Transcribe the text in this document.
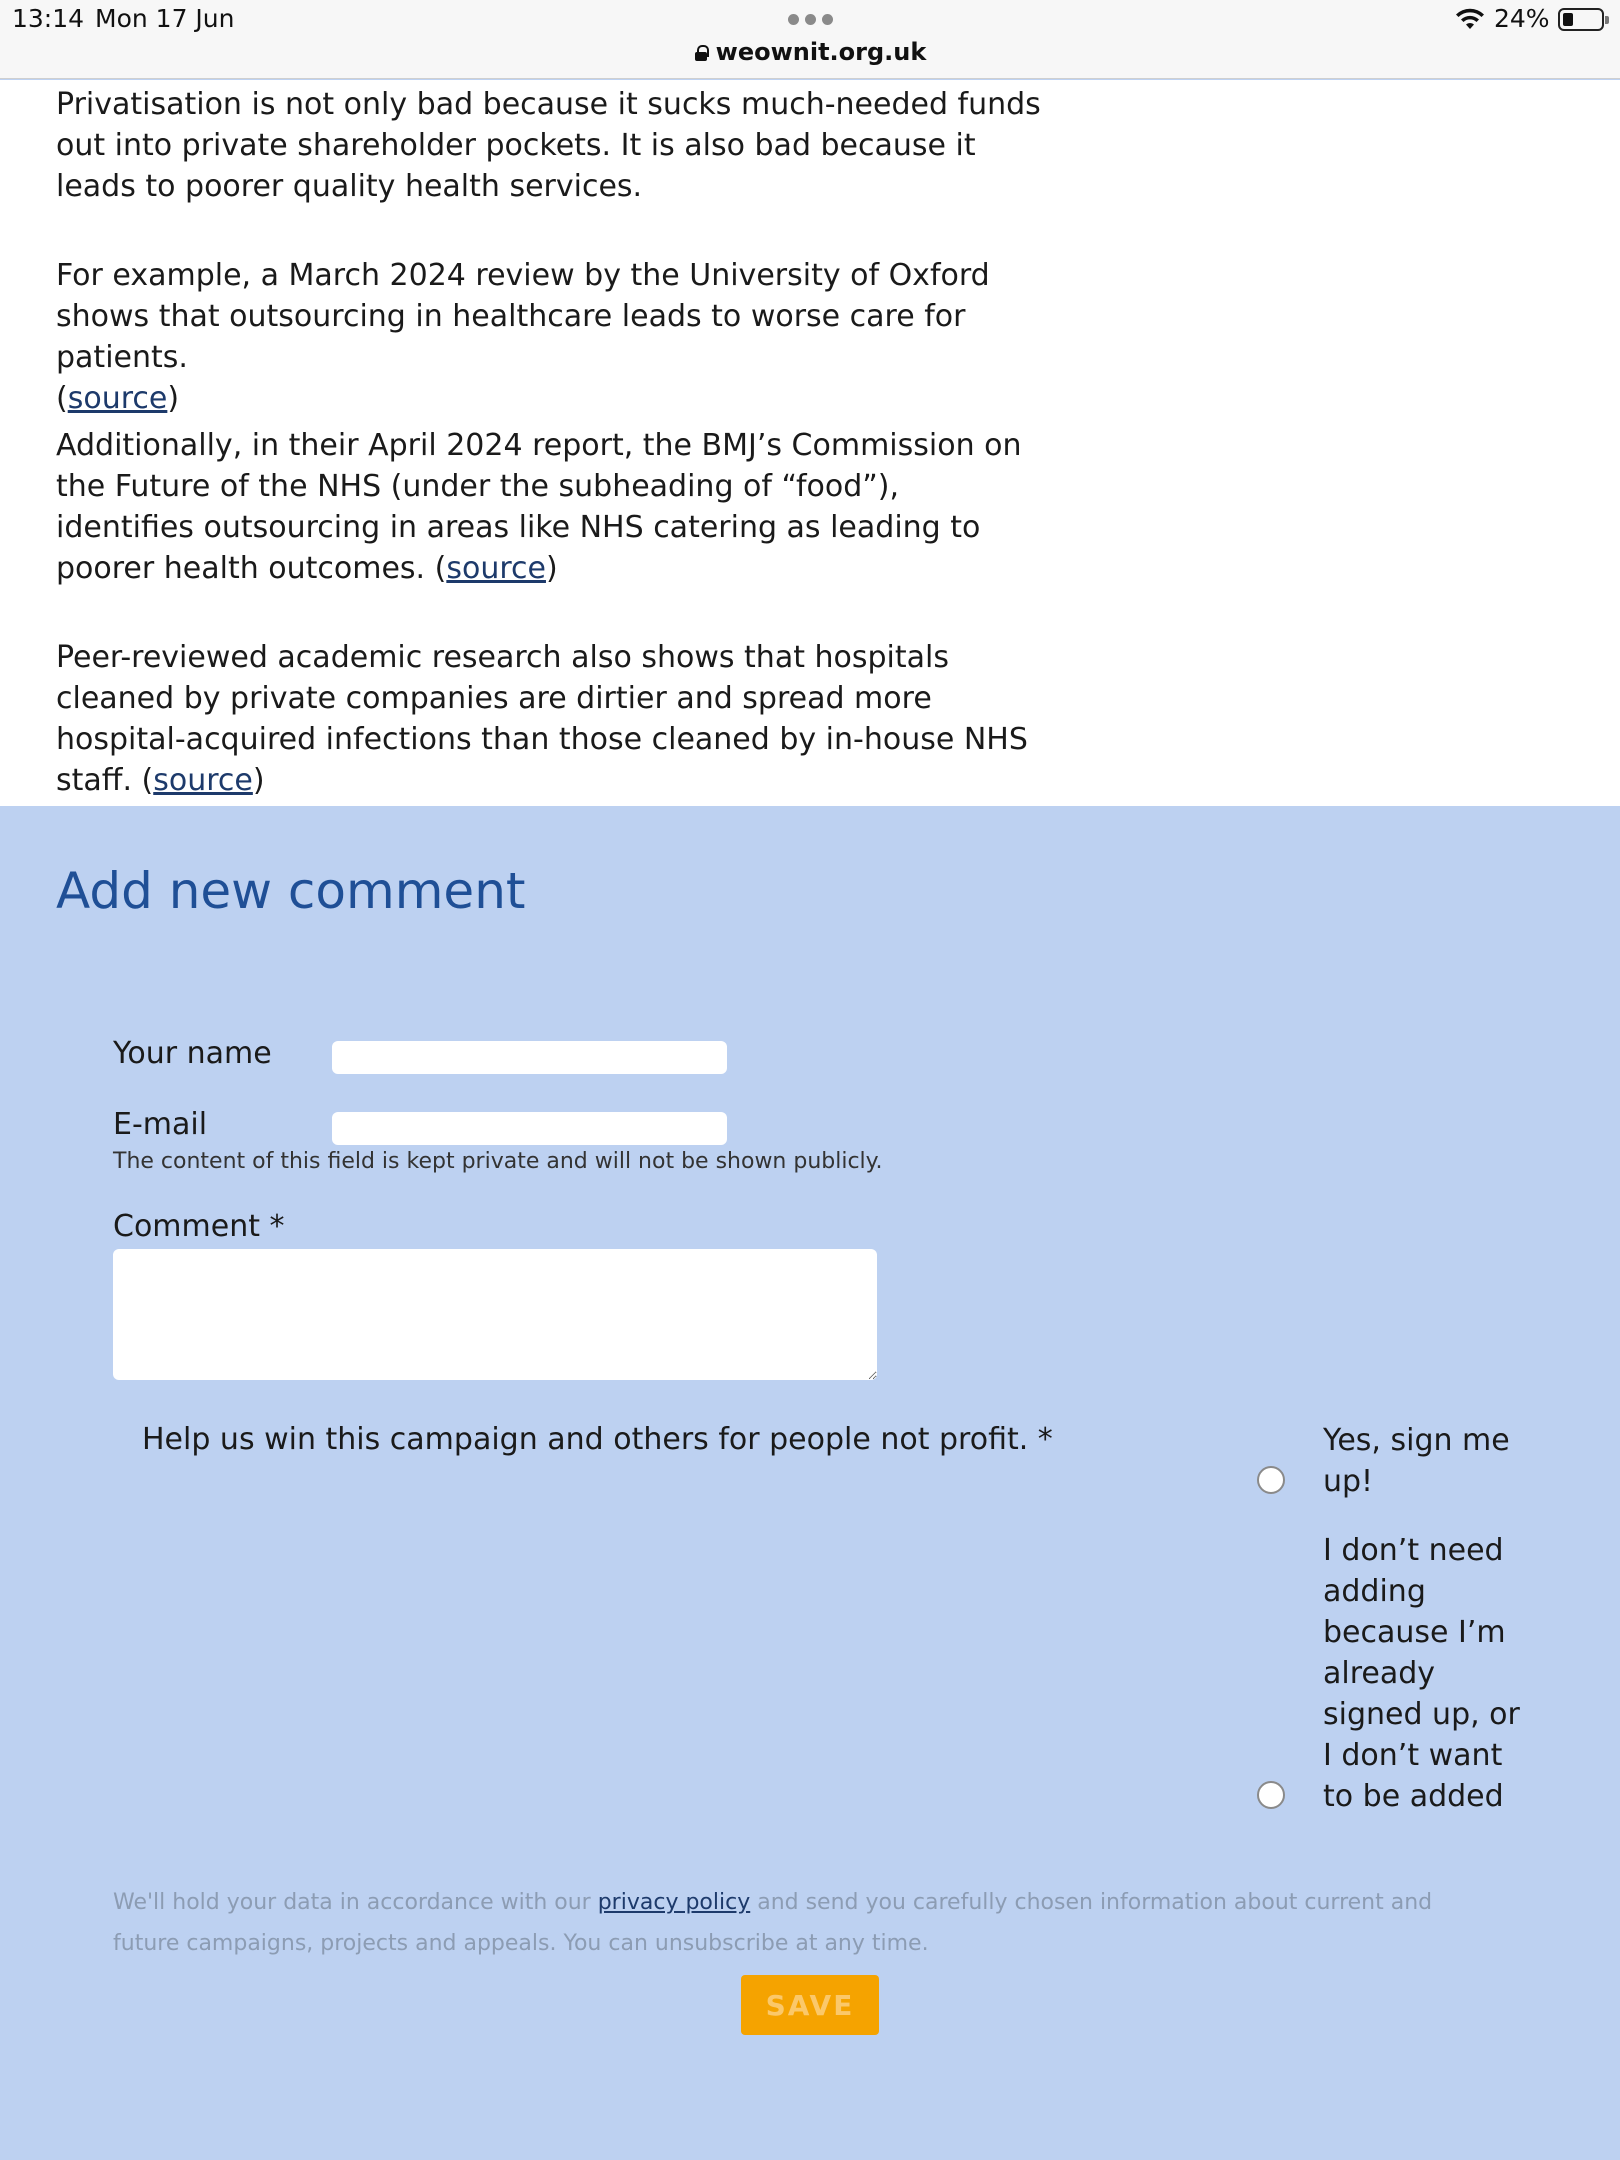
13:14 Mon 17 Jun
weownit.org.uk
24%

Privatisation is not only bad because it sucks much-needed funds out into private shareholder pockets. It is also bad because it leads to poorer quality health services.

For example, a March 2024 review by the University of Oxford shows that outsourcing in healthcare leads to worse care for patients.
(source)

Additionally, in their April 2024 report, the BMJ’s Commission on the Future of the NHS (under the subheading of “food”), identifies outsourcing in areas like NHS catering as leading to poorer health outcomes. (source)

Peer-reviewed academic research also shows that hospitals cleaned by private companies are dirtier and spread more hospital-acquired infections than those cleaned by in-house NHS staff. (source)

Add new comment
Your name
E-mail
The content of this field is kept private and will not be shown publicly.
Comment *
Help us win this campaign and others for people not profit. *	Yes, sign me up!
I don’t need adding because I’m already signed up, or I don’t want to be added
We'll hold your data in accordance with our privacy policy and send you carefully chosen information about current and future campaigns, projects and appeals. You can unsubscribe at any time.
SAVE
